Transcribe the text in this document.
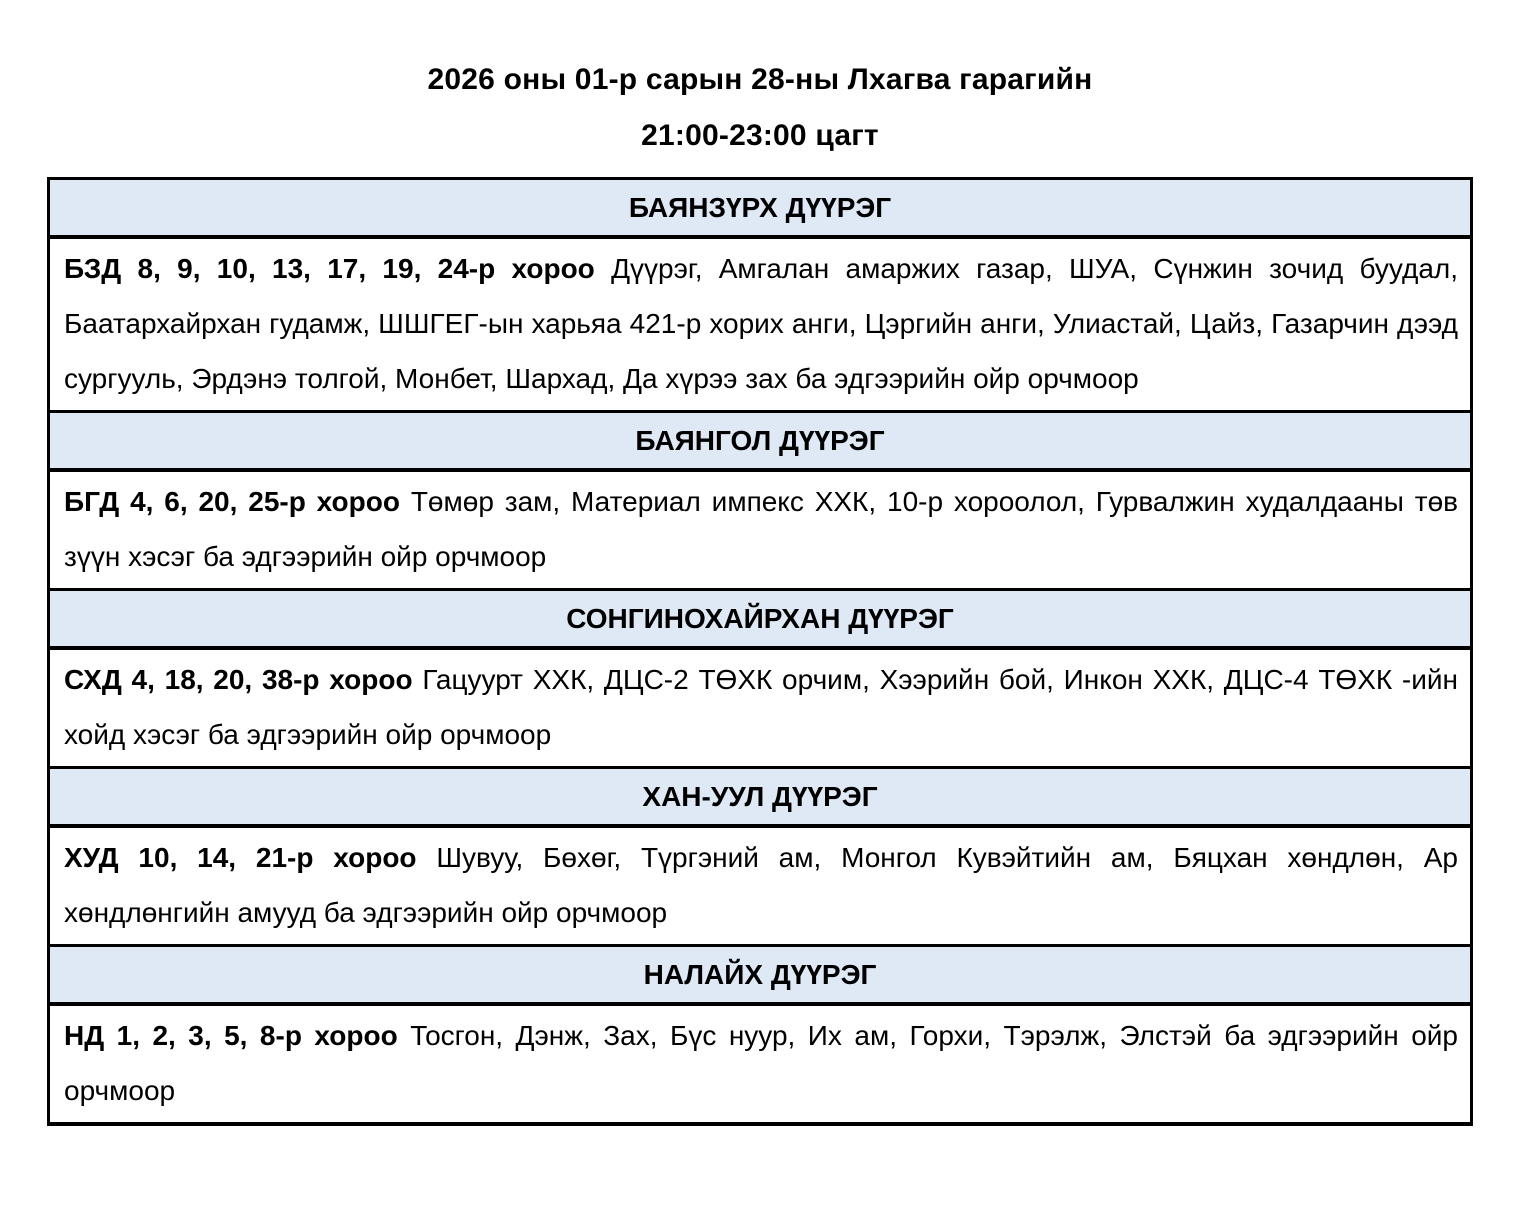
2026 оны 01-р сарын 28-ны Лхагва гарагийн
21:00-23:00 цагт
БАЯНЗҮРХ ДҮҮРЭГ
БЗД 8, 9, 10, 13, 17, 19, 24-р хороо Дүүрэг, Амгалан амаржих газар, ШУА, Сүнжин зочид буудал, Баатархайрхан гудамж, ШШГЕГ-ын харьяа 421-р хорих анги, Цэргийн анги, Улиастай, Цайз, Газарчин дээд сургууль, Эрдэнэ толгой, Монбет, Шархад, Да хүрээ зах ба эдгээрийн ойр орчмоор
БАЯНГОЛ ДҮҮРЭГ
БГД 4, 6, 20, 25-р хороо Төмөр зам, Материал импекс ХХК, 10-р хороолол, Гурвалжин худалдааны төв зүүн хэсэг ба эдгээрийн ойр орчмоор
СОНГИНОХАЙРХАН ДҮҮРЭГ
СХД 4, 18, 20, 38-р хороо Гацуурт ХХК, ДЦС-2 ТӨХК орчим, Хээрийн бой, Инкон ХХК, ДЦС-4 ТӨХК -ийн хойд хэсэг ба эдгээрийн ойр орчмоор
ХАН-УУЛ ДҮҮРЭГ
ХУД 10, 14, 21-р хороо Шувуу, Бөхөг, Түргэний ам, Монгол Кувэйтийн ам, Бяцхан хөндлөн, Ар хөндлөнгийн амууд ба эдгээрийн ойр орчмоор
НАЛАЙХ ДҮҮРЭГ
НД 1, 2, 3, 5, 8-р хороо Тосгон, Дэнж, Зах, Бүс нуур, Их ам, Горхи, Тэрэлж, Элстэй ба эдгээрийн ойр орчмоор
